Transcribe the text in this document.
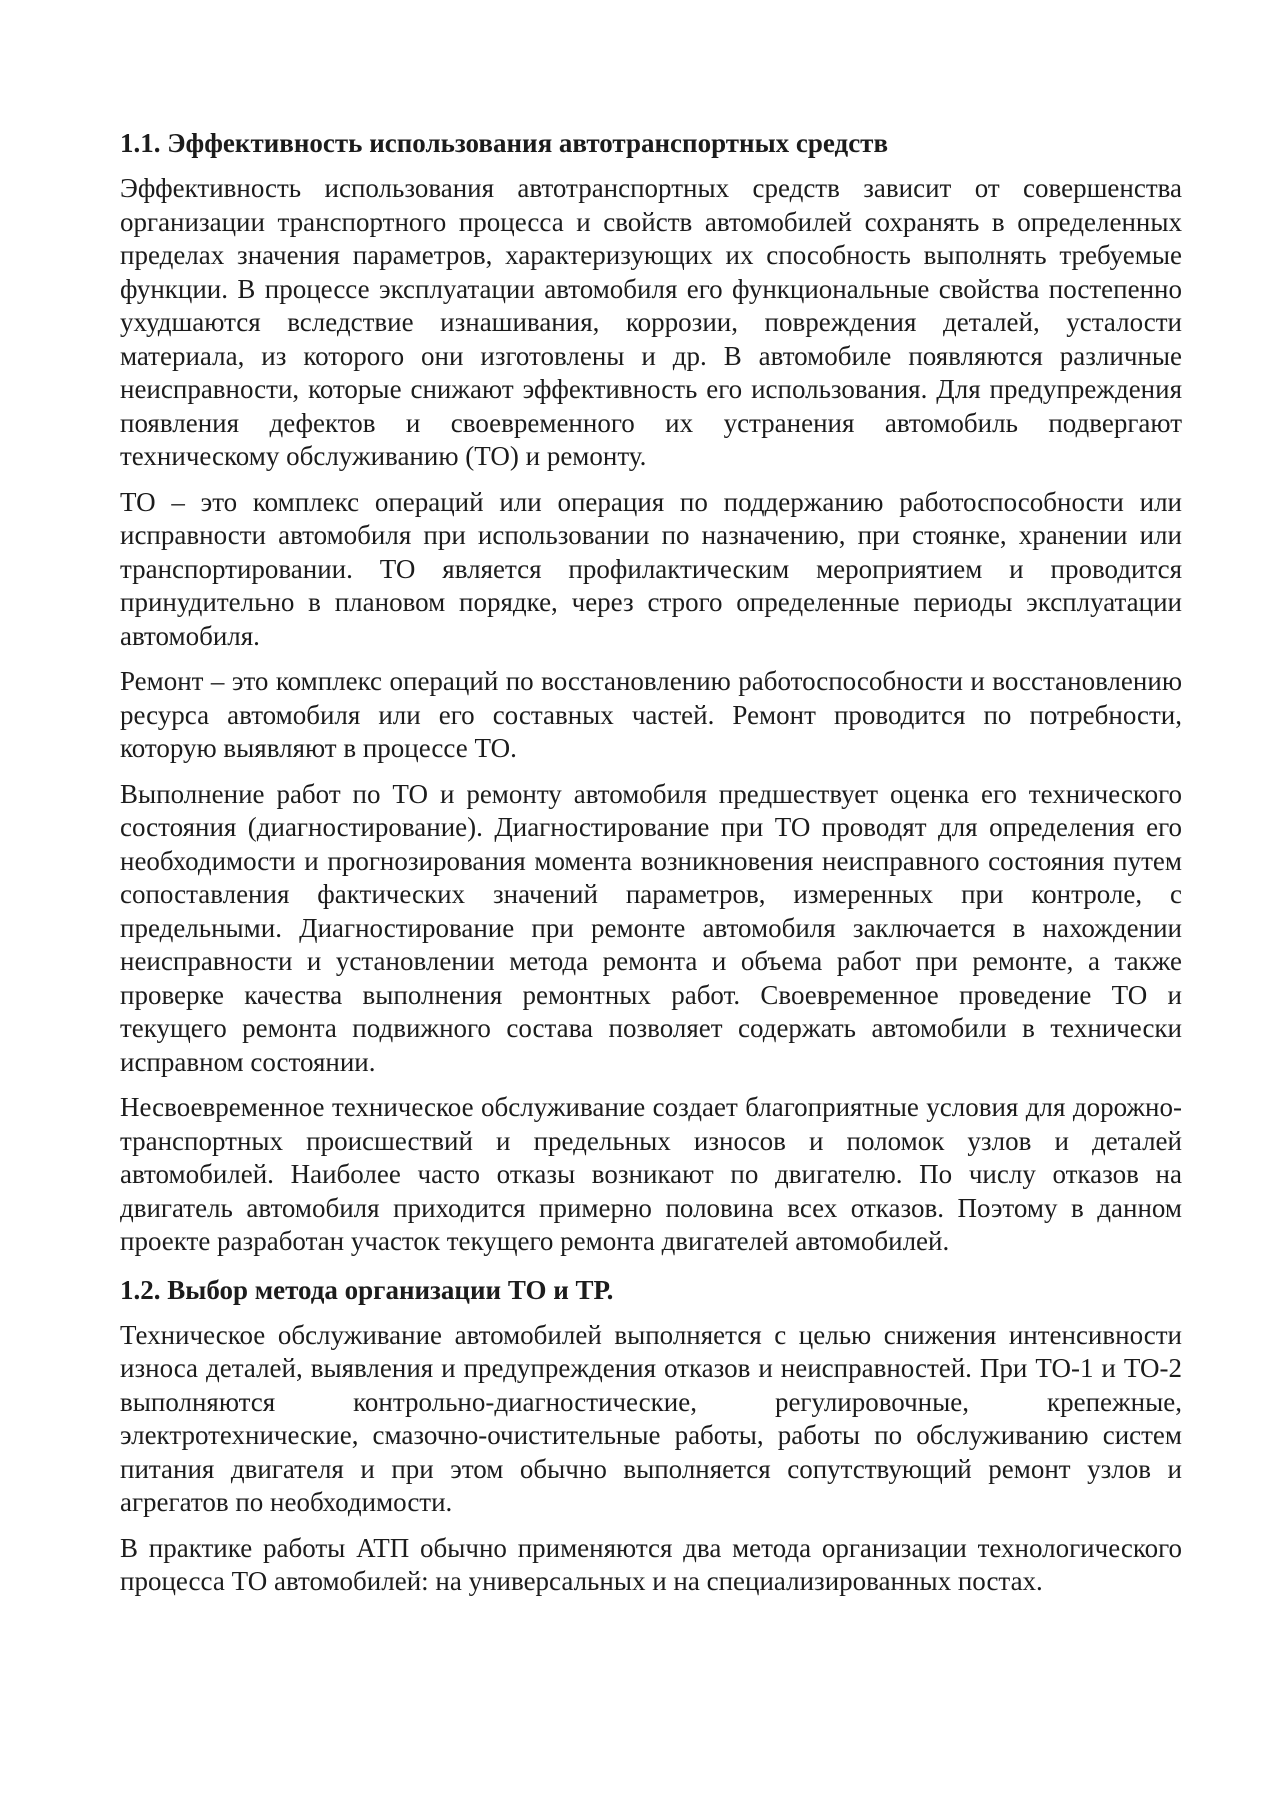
1.1. Эффективность использования автотранспортных средств

Эффективность использования автотранспортных средств зависит от совершенства организации транспортного процесса и свойств автомобилей сохранять в определенных пределах значения параметров, характеризующих их способность выполнять требуемые функции. В процессе эксплуатации автомобиля его функциональные свойства постепенно ухудшаются вследствие изнашивания, коррозии, повреждения деталей, усталости материала, из которого они изготовлены и др. В автомобиле появляются различные неисправности, которые снижают эффективность его использования. Для предупреждения появления дефектов и своевременного их устранения автомобиль подвергают техническому обслуживанию (ТО) и ремонту.

ТО – это комплекс операций или операция по поддержанию работоспособности или исправности автомобиля при использовании по назначению, при стоянке, хранении или транспортировании. ТО является профилактическим мероприятием и проводится принудительно в плановом порядке, через строго определенные периоды эксплуатации автомобиля.

Ремонт – это комплекс операций по восстановлению работоспособности и восстановлению ресурса автомобиля или его составных частей. Ремонт проводится по потребности, которую выявляют в процессе ТО.

Выполнение работ по ТО и ремонту автомобиля предшествует оценка его технического состояния (диагностирование). Диагностирование при ТО проводят для определения его необходимости и прогнозирования момента возникновения неисправного состояния путем сопоставления фактических значений параметров, измеренных при контроле, с предельными. Диагностирование при ремонте автомобиля заключается в нахождении неисправности и установлении метода ремонта и объема работ при ремонте, а также проверке качества выполнения ремонтных работ. Своевременное проведение ТО и текущего ремонта подвижного состава позволяет содержать автомобили в технически исправном состоянии.

Несвоевременное техническое обслуживание создает благоприятные условия для дорожно-транспортных происшествий и предельных износов и поломок узлов и деталей автомобилей. Наиболее часто отказы возникают по двигателю. По числу отказов на двигатель автомобиля приходится примерно половина всех отказов. Поэтому в данном проекте разработан участок текущего ремонта двигателей автомобилей.

1.2. Выбор метода организации ТО и ТР.

Техническое обслуживание автомобилей выполняется с целью снижения интенсивности износа деталей, выявления и предупреждения отказов и неисправностей. При ТО-1 и ТО-2 выполняются контрольно-диагностические, регулировочные, крепежные, электротехнические, смазочно-очистительные работы, работы по обслуживанию систем питания двигателя и при этом обычно выполняется сопутствующий ремонт узлов и агрегатов по необходимости.

В практике работы АТП обычно применяются два метода организации технологического процесса ТО автомобилей: на универсальных и на специализированных постах.
